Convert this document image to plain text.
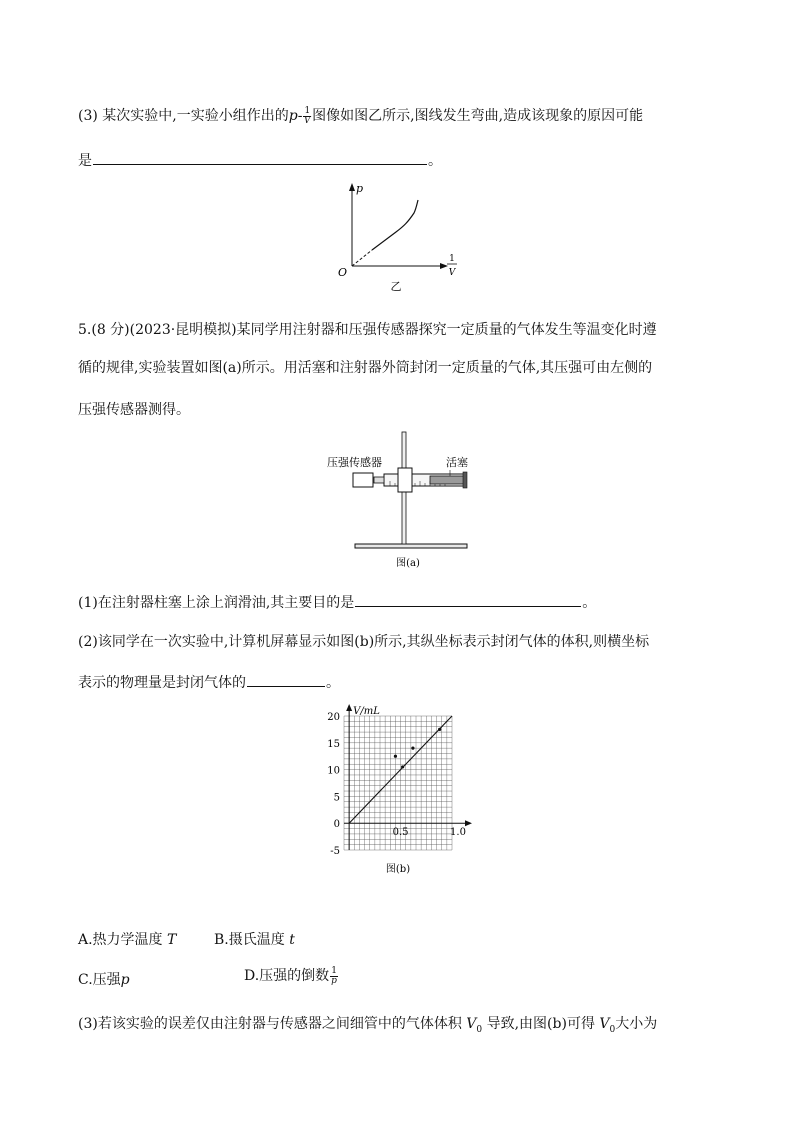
(3) 某次实验中,一实验小组作出的$p- \frac{1}{V}$ 图像如图乙所示,图线发生弯曲,造成该现象的原因可能
是	。
p
1
V
O
乙
5.(8 分)(2023·昆明模拟)某同学用注射器和压强传感器探究一定质量的气体发生等温变化时遵
循的规律,实验装置如图(a)所示。用活塞和注射器外筒封闭一定质量的气体,其压强可由左侧的
压强传感器测得。
压强传感器	活塞
图(a)
(1)在注射器柱塞上涂上润滑油,其主要目的是	。
(2)该同学在一次实验中,计算机屏幕显示如图(b)所示,其纵坐标表示封闭气体的体积,则横坐标
表示的物理量是封闭气体的	。
V/mL
20
15
10
5
0
-5
0.5	1.0
图(b)
A.热力学温度 T	B.摄氏温度 t
C.压强p	D.压强的倒数 $\frac{1}{p}$
(3)若该实验的误差仅由注射器与传感器之间细管中的气体体积 $V_0$ 导致,由图(b)可得 $V_0$大小为
